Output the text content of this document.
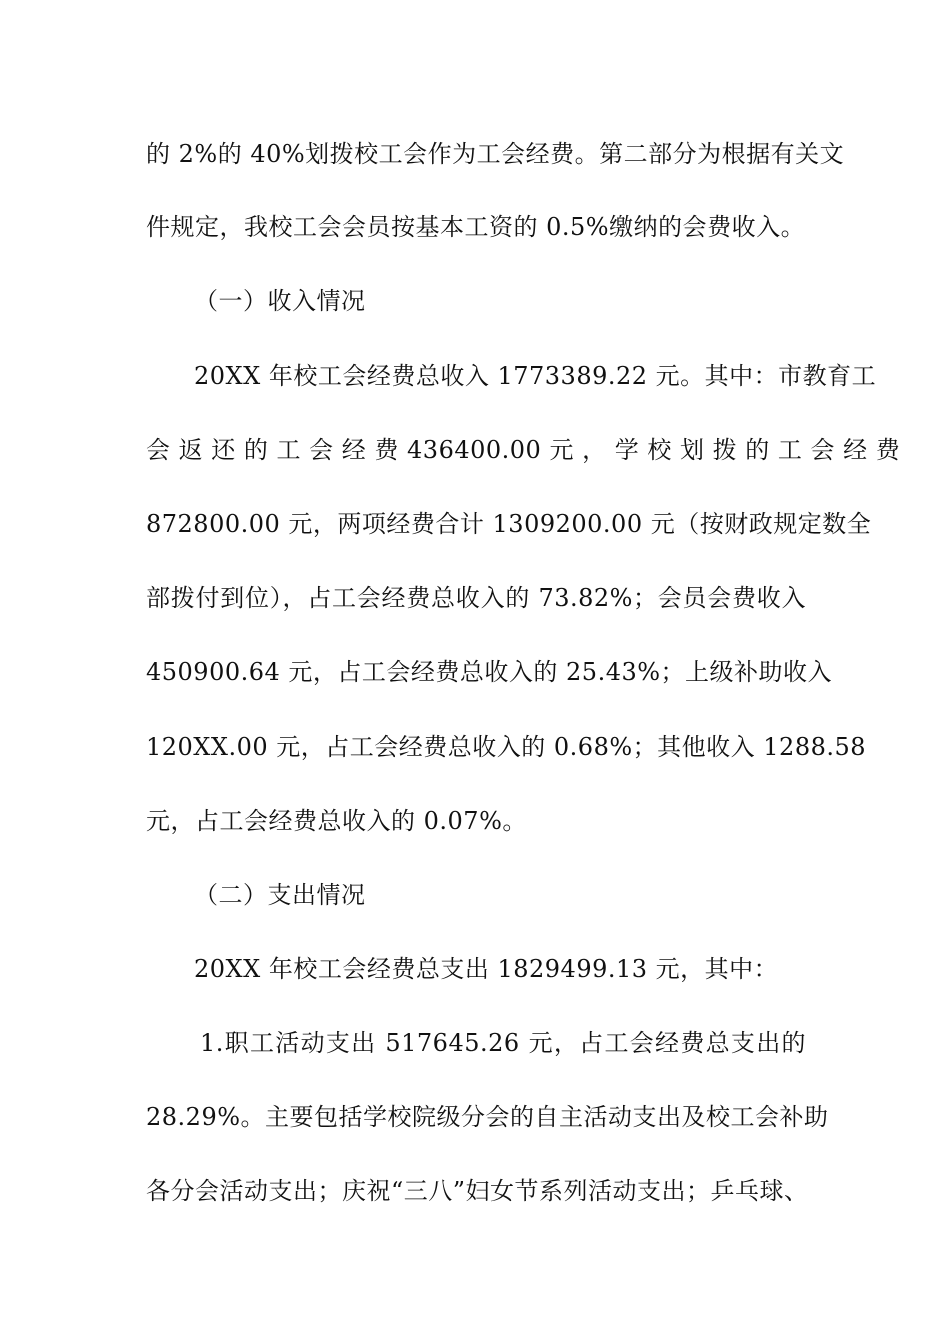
的 2%的 40%划拨校工会作为工会经费。第二部分为根据有关文
件规定，我校工会会员按基本工资的 0.5%缴纳的会费收入。
（一）收入情况
20XX 年校工会经费总收入 1773389.22 元。其中：市教育工
会 返 还 的 工 会 经 费 436400.00 元 ， 学 校 划 拨 的 工 会 经 费
872800.00 元，两项经费合计 1309200.00 元（按财政规定数全
部拨付到位），占工会经费总收入的 73.82%；会员会费收入
450900.64 元，占工会经费总收入的 25.43%；上级补助收入
120XX.00 元，占工会经费总收入的 0.68%；其他收入 1288.58
元，占工会经费总收入的 0.07%。
（二）支出情况
20XX 年校工会经费总支出 1829499.13 元，其中：
1.职工活动支出 517645.26 元，占工会经费总支出的
28.29%。主要包括学校院级分会的自主活动支出及校工会补助
各分会活动支出；庆祝“三八”妇女节系列活动支出；乒乓球、
